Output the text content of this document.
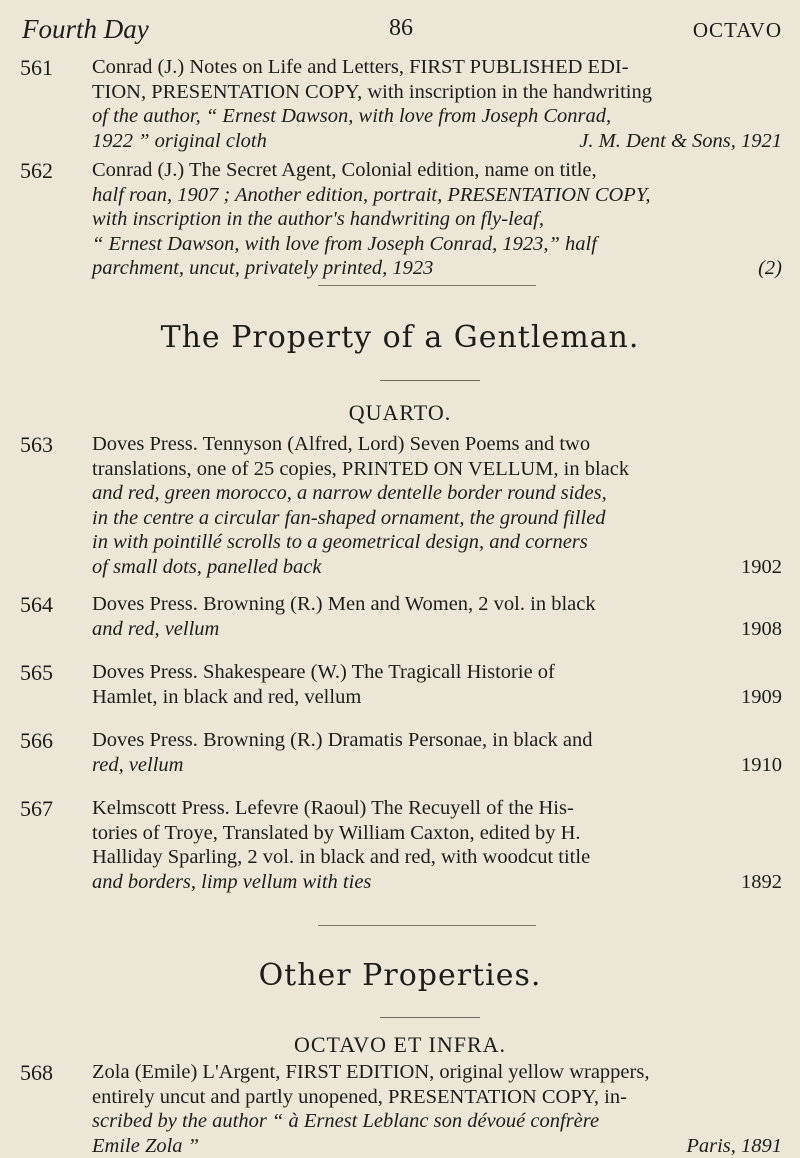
Fourth Day	86	OCTAVO
561 Conrad (J.) Notes on Life and Letters, FIRST PUBLISHED EDI-
TION, PRESENTATION COPY, with inscription in the handwriting
of the author, “ Ernest Dawson, with love from Joseph Conrad,
1922 ” original cloth	J. M. Dent & Sons, 1921
562 Conrad (J.) The Secret Agent, Colonial edition, name on title,
half roan, 1907 ; Another edition, portrait, PRESENTATION COPY,
with inscription in the author's handwriting on fly-leaf,
“ Ernest Dawson, with love from Joseph Conrad, 1923,” half
parchment, uncut, privately printed, 1923	(2)
The Property of a Gentleman.
QUARTO.
563 Doves Press. Tennyson (Alfred, Lord) Seven Poems and two
translations, one of 25 copies, PRINTED ON VELLUM, in black
and red, green morocco, a narrow dentelle border round sides,
in the centre a circular fan-shaped ornament, the ground filled
in with pointillé scrolls to a geometrical design, and corners
of small dots, panelled back	1902
564 Doves Press. Browning (R.) Men and Women, 2 vol. in black
and red, vellum	1908
565 Doves Press. Shakespeare (W.) The Tragicall Historie of
Hamlet, in black and red, vellum	1909
566 Doves Press. Browning (R.) Dramatis Personae, in black and
red, vellum	1910
567 Kelmscott Press. Lefevre (Raoul) The Recuyell of the His-
tories of Troye, Translated by William Caxton, edited by H.
Halliday Sparling, 2 vol. in black and red, with woodcut title
and borders, limp vellum with ties	1892
Other Properties.
OCTAVO ET INFRA.
568 Zola (Emile) L'Argent, FIRST EDITION, original yellow wrappers,
entirely uncut and partly unopened, PRESENTATION COPY, in-
scribed by the author “ à Ernest Leblanc son dévoué confrère
Emile Zola ”	Paris, 1891
